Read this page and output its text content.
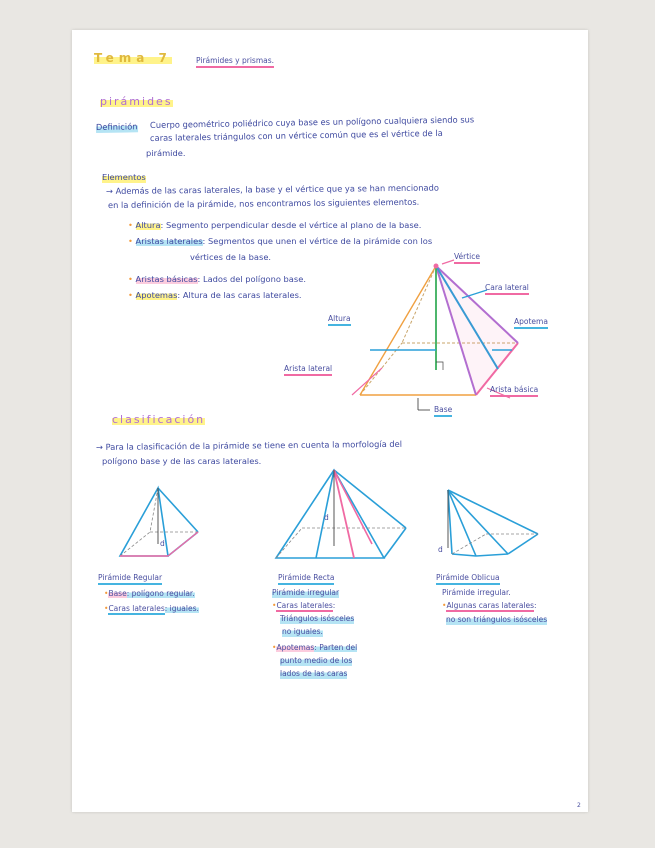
Tema 7	Pirámides y prismas.
pirámides
Definición Cuerpo geométrico poliédrico cuya base es un polígono cualquiera siendo sus
caras laterales triángulos con un vértice común que es el vértice de la
pirámide.
Elementos
→ Además de las caras laterales, la base y el vértice que ya se han mencionado
en la definición de la pirámide, nos encontramos los siguientes elementos.
• Altura: Segmento perpendicular desde el vértice al plano de la base.
• Aristas laterales: Segmentos que unen el vértice de la pirámide con los
vértices de la base.
• Aristas básicas: Lados del polígono base.
• Apotemas: Altura de las caras laterales.
Vértice
Cara lateral
Altura	Apotema
Arista lateral
Arista básica
Base
clasificación
→ Para la clasificación de la pirámide se tiene en cuenta la morfología del
polígono base y de las caras laterales.
d
d
d
Pirámide Regular
•Base: polígono regular.
•Caras laterales: iguales.
Pirámide Recta
Pirámide irregular
•Caras laterales:
Triángulos isósceles
no iguales.
•Apotemas: Parten del
punto medio de los
lados de las caras
Pirámide Oblicua
Pirámide irregular.
•Algunas caras laterales:
no son triángulos isósceles
2
